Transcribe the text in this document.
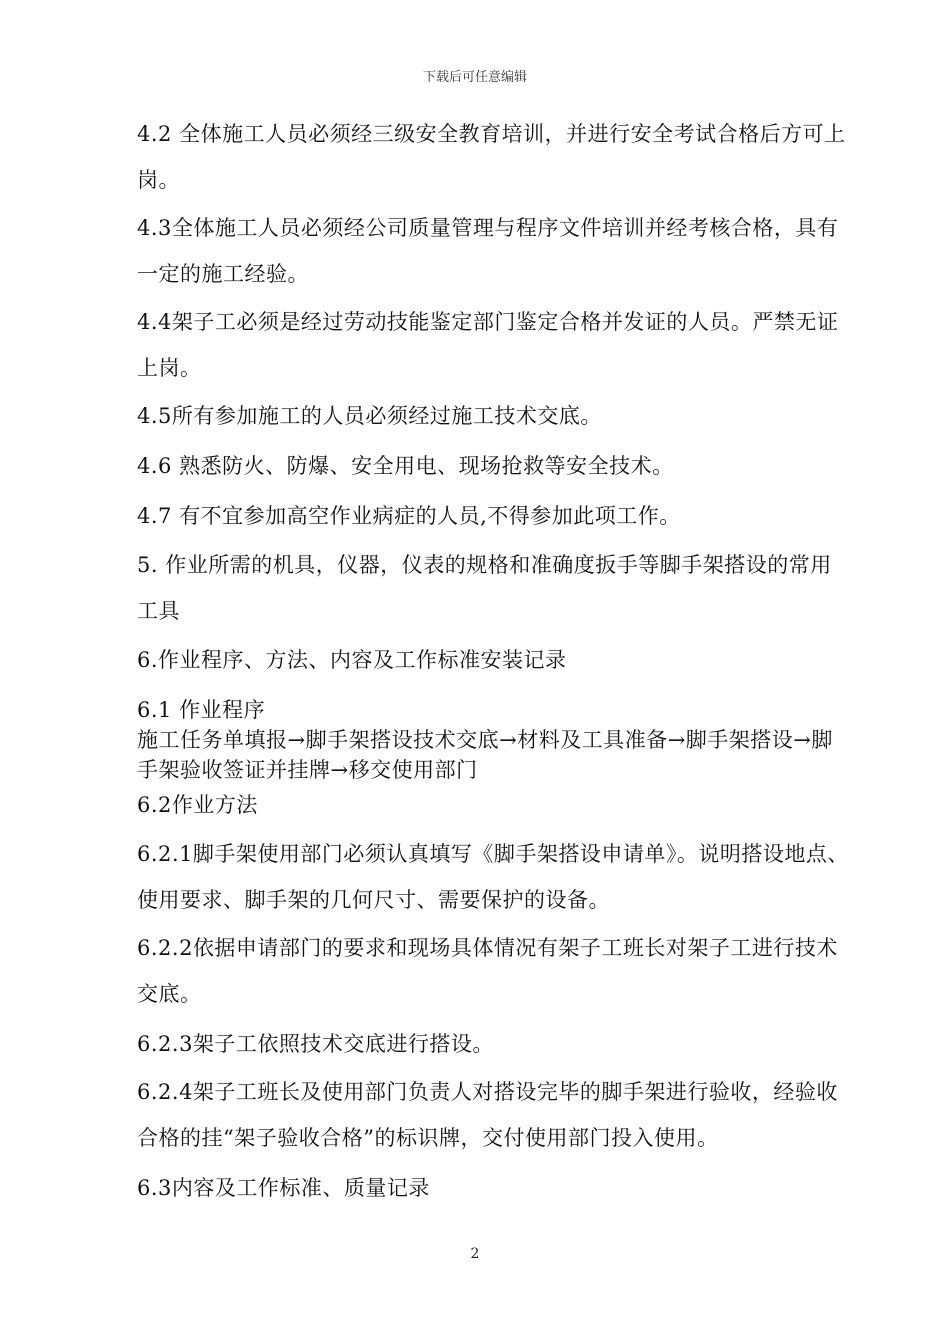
下载后可任意编辑
4.2 全体施工人员必须经三级安全教育培训，并进行安全考试合格后方可上
岗。
4.3全体施工人员必须经公司质量管理与程序文件培训并经考核合格，具有
一定的施工经验。
4.4架子工必须是经过劳动技能鉴定部门鉴定合格并发证的人员。严禁无证
上岗。
4.5所有参加施工的人员必须经过施工技术交底。
4.6 熟悉防火、防爆、安全用电、现场抢救等安全技术。
4.7 有不宜参加高空作业病症的人员,不得参加此项工作。
5. 作业所需的机具，仪器，仪表的规格和准确度扳手等脚手架搭设的常用
工具
6.作业程序、方法、内容及工作标准安装记录
6.1 作业程序
施工任务单填报→脚手架搭设技术交底→材料及工具准备→脚手架搭设→脚
手架验收签证并挂牌→移交使用部门
6.2作业方法
6.2.1脚手架使用部门必须认真填写《脚手架搭设申请单》。说明搭设地点、
使用要求、脚手架的几何尺寸、需要保护的设备。
6.2.2依据申请部门的要求和现场具体情况有架子工班长对架子工进行技术
交底。
6.2.3架子工依照技术交底进行搭设。
6.2.4架子工班长及使用部门负责人对搭设完毕的脚手架进行验收，经验收
合格的挂“架子验收合格”的标识牌，交付使用部门投入使用。
6.3内容及工作标准、质量记录
2
